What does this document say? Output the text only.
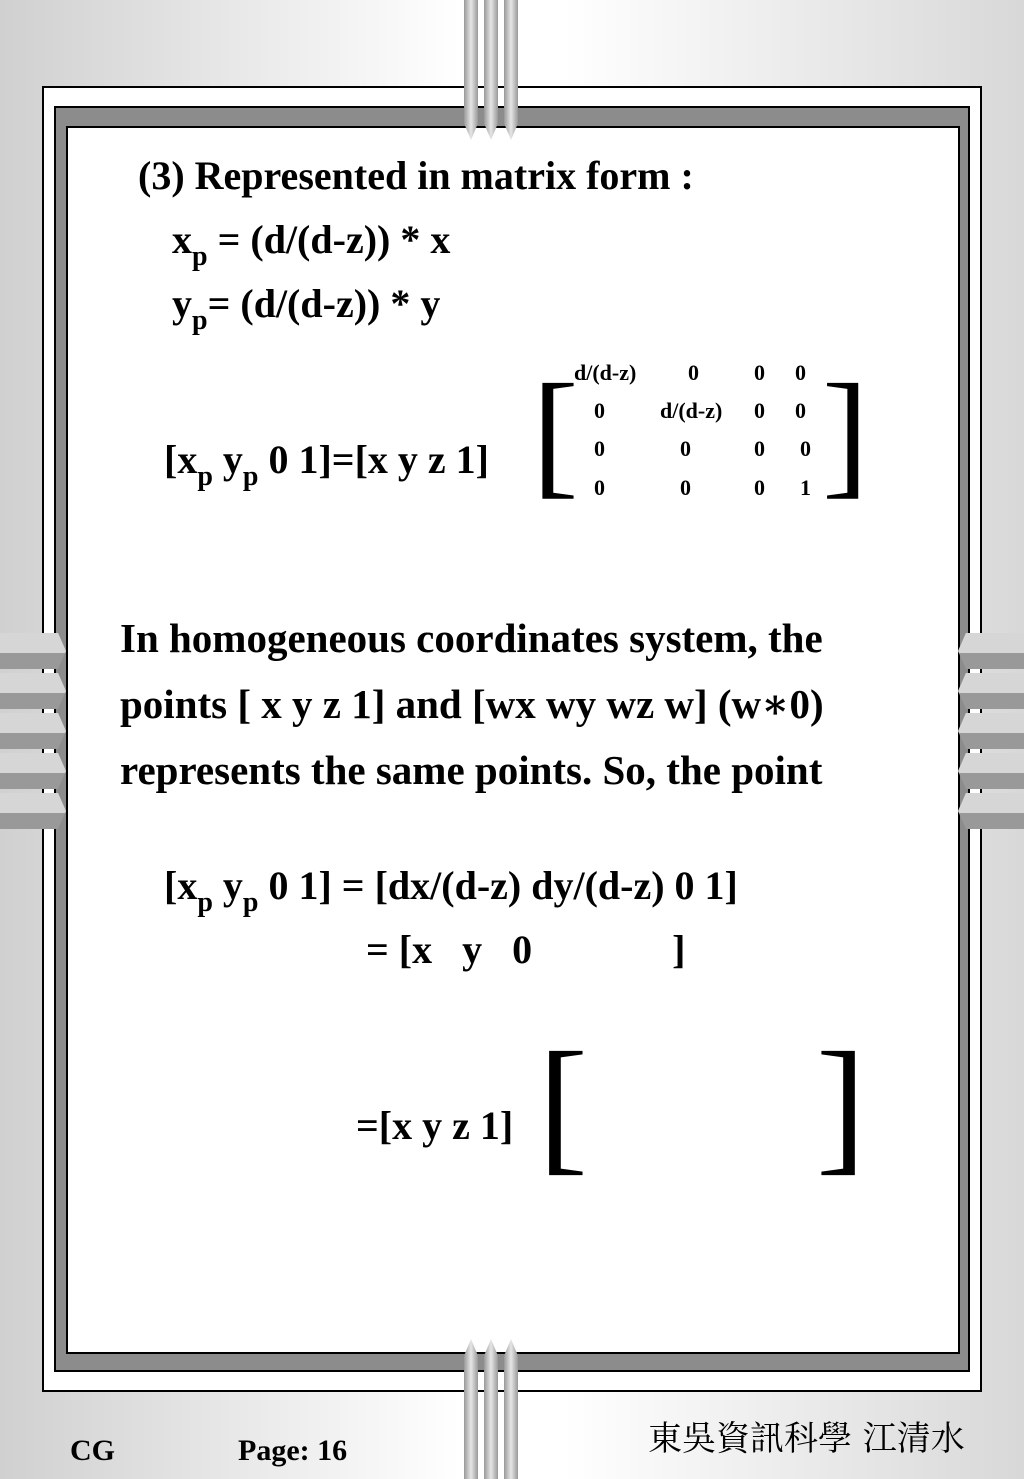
(3) Represented in matrix form :
$x_p = (d/(d-z)) * x$
$y_p= (d/(d-z)) * y$
[$x_p$ $y_p$ 0 1]=[x y z 1] [ ]
d/(d-z) 0	0 0
0	d/(d-z) 0 0
0	0	0 0
0	0	0 1
In homogeneous coordinates system, the
points [ x y z 1] and [wx wy wz w] (w∗0)
represents the same points. So, the point
[$x_p$ $y_p$ 0 1] = [dx/(d-z) dy/(d-z) 0 1]
= [x   y   0              ]
=[x y z 1] [ ]
CG	Page: 16	東吳資訊科學 江清水
